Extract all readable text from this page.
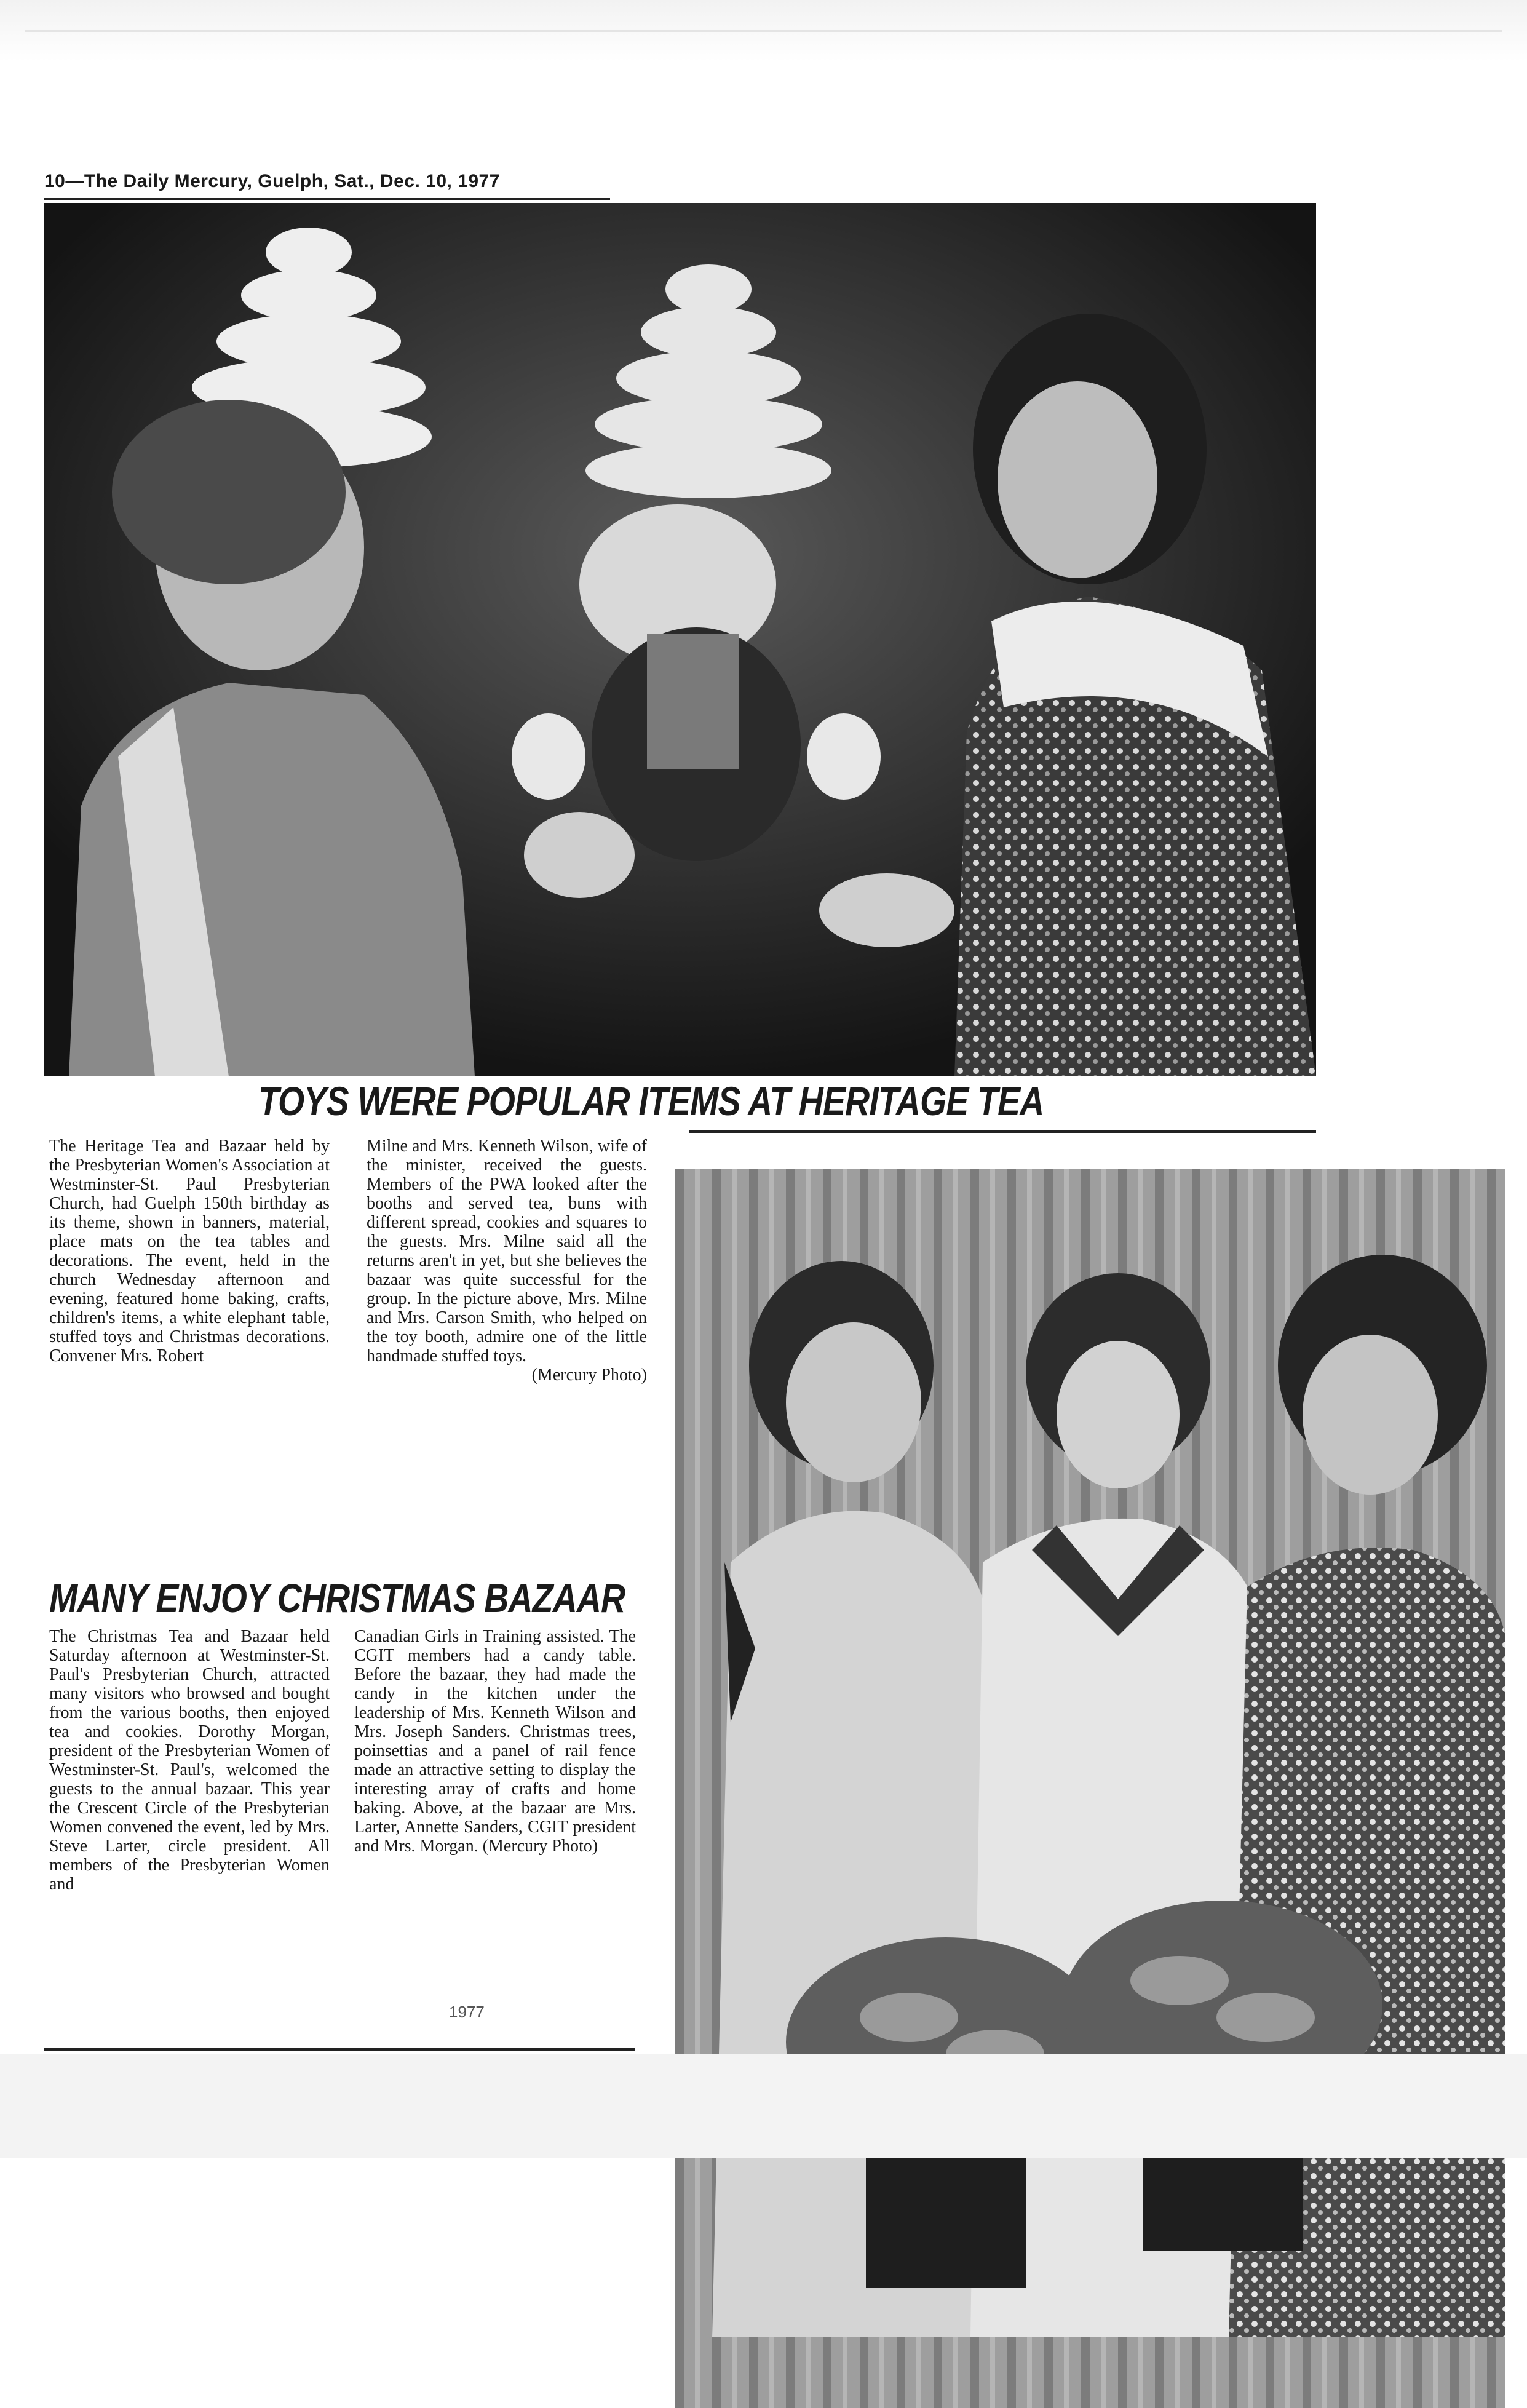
10—The Daily Mercury, Guelph, Sat., Dec. 10, 1977
TOYS WERE POPULAR ITEMS AT HERITAGE TEA
The Heritage Tea and Bazaar held by the Presbyterian Women's Association at Westminster-St. Paul Presbyterian Church, had Guelph 150th birthday as its theme, shown in banners, material, place mats on the tea tables and decorations. The event, held in the church Wednesday afternoon and evening, featured home baking, crafts, children's items, a white elephant table, stuffed toys and Christmas decorations. Convener Mrs. Robert
Milne and Mrs. Kenneth Wilson, wife of the minister, received the guests. Members of the PWA looked after the booths and served tea, buns with different spread, cookies and squares to the guests. Mrs. Milne said all the returns aren't in yet, but she believes the bazaar was quite successful for the group. In the picture above, Mrs. Milne and Mrs. Carson Smith, who helped on the toy booth, admire one of the little handmade stuffed toys.
(Mercury Photo)
MANY ENJOY CHRISTMAS BAZAAR
The Christmas Tea and Bazaar held Saturday afternoon at Westminster-St. Paul's Presbyterian Church, attracted many visitors who browsed and bought from the various booths, then enjoyed tea and cookies. Dorothy Morgan, president of the Presbyterian Women of Westminster-St. Paul's, welcomed the guests to the annual bazaar. This year the Crescent Circle of the Presbyterian Women convened the event, led by Mrs. Steve Larter, circle president. All members of the Presbyterian Women and
Canadian Girls in Training assisted. The CGIT members had a candy table. Before the bazaar, they had made the candy in the kitchen under the leadership of Mrs. Kenneth Wilson and Mrs. Joseph Sanders. Christmas trees, poinsettias and a panel of rail fence made an attractive setting to display the interesting array of crafts and home baking. Above, at the bazaar are Mrs. Larter, Annette Sanders, CGIT president and Mrs. Morgan. (Mercury Photo)
1977
